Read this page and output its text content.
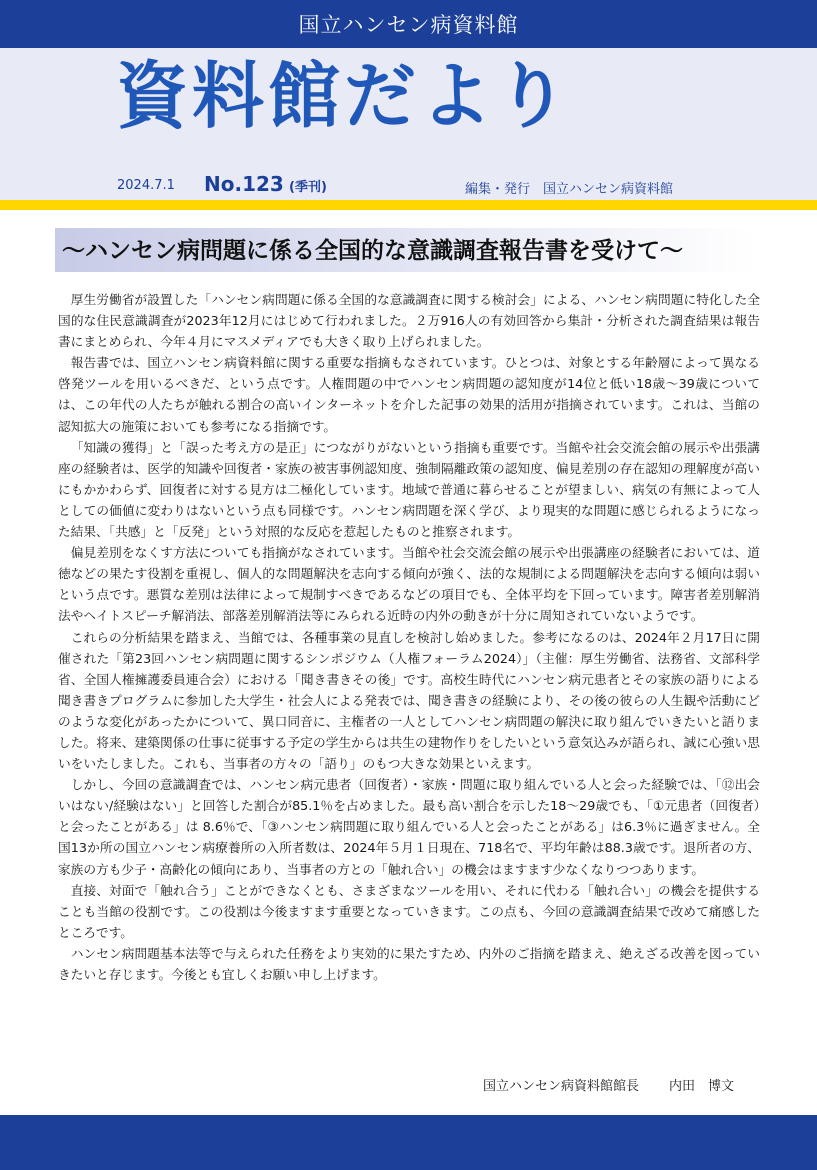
国立ハンセン病資料館
資料館だより
2024.7.1 No.123 (季刊)	編集・発行　国立ハンセン病資料館
〜ハンセン病問題に係る全国的な意識調査報告書を受けて〜

厚生労働省が設置した「ハンセン病問題に係る全国的な意識調査に関する検討会」による、ハンセン病問題に特化した全国的な住民意識調査が2023年12月にはじめて行われました。２万916人の有効回答から集計・分析された調査結果は報告書にまとめられ、今年４月にマスメディアでも大きく取り上げられました。

報告書では、国立ハンセン病資料館に関する重要な指摘もなされています。ひとつは、対象とする年齢層によって異なる啓発ツールを用いるべきだ、という点です。人権問題の中でハンセン病問題の認知度が14位と低い18歳〜39歳については、この年代の人たちが触れる割合の高いインターネットを介した記事の効果的活用が指摘されています。これは、当館の認知拡大の施策においても参考になる指摘です。

「知識の獲得」と「誤った考え方の是正」につながりがないという指摘も重要です。当館や社会交流会館の展示や出張講座の経験者は、医学的知識や回復者・家族の被害事例認知度、強制隔離政策の認知度、偏見差別の存在認知の理解度が高いにもかかわらず、回復者に対する見方は二極化しています。地域で普通に暮らせることが望ましい、病気の有無によって人としての価値に変わりはないという点も同様です。ハンセン病問題を深く学び、より現実的な問題に感じられるようになった結果、「共感」と「反発」という対照的な反応を惹起したものと推察されます。

偏見差別をなくす方法についても指摘がなされています。当館や社会交流会館の展示や出張講座の経験者においては、道徳などの果たす役割を重視し、個人的な問題解決を志向する傾向が強く、法的な規制による問題解決を志向する傾向は弱いという点です。悪質な差別は法律によって規制すべきであるなどの項目でも、全体平均を下回っています。障害者差別解消法やヘイトスピーチ解消法、部落差別解消法等にみられる近時の内外の動きが十分に周知されていないようです。

これらの分析結果を踏まえ、当館では、各種事業の見直しを検討し始めました。参考になるのは、2024年２月17日に開催された「第23回ハンセン病問題に関するシンポジウム（人権フォーラム2024）」（主催：厚生労働省、法務省、文部科学省、全国人権擁護委員連合会）における「聞き書きその後」です。高校生時代にハンセン病元患者とその家族の語りによる聞き書きプログラムに参加した大学生・社会人による発表では、聞き書きの経験により、その後の彼らの人生観や活動にどのような変化があったかについて、異口同音に、主権者の一人としてハンセン病問題の解決に取り組んでいきたいと語りました。将来、建築関係の仕事に従事する予定の学生からは共生の建物作りをしたいという意気込みが語られ、誠に心強い思いをいたしました。これも、当事者の方々の「語り」のもつ大きな効果といえます。

しかし、今回の意識調査では、ハンセン病元患者（回復者）・家族・問題に取り組んでいる人と会った経験では、「⑫出会いはない/経験はない」と回答した割合が85.1％を占めました。最も高い割合を示した18〜29歳でも、「①元患者（回復者）と会ったことがある」は 8.6％で、「③ハンセン病問題に取り組んでいる人と会ったことがある」は6.3％に過ぎません。全国13か所の国立ハンセン病療養所の入所者数は、2024年５月１日現在、718名で、平均年齢は88.3歳です。退所者の方、家族の方も少子・高齢化の傾向にあり、当事者の方との「触れ合い」の機会はますます少なくなりつつあります。

直接、対面で「触れ合う」ことができなくとも、さまざまなツールを用い、それに代わる「触れ合い」の機会を提供することも当館の役割です。この役割は今後ますます重要となっていきます。この点も、今回の意識調査結果で改めて痛感したところです。

ハンセン病問題基本法等で与えられた任務をより実効的に果たすため、内外のご指摘を踏まえ、絶えざる改善を図っていきたいと存じます。今後とも宜しくお願い申し上げます。

国立ハンセン病資料館館長 内田　博文
